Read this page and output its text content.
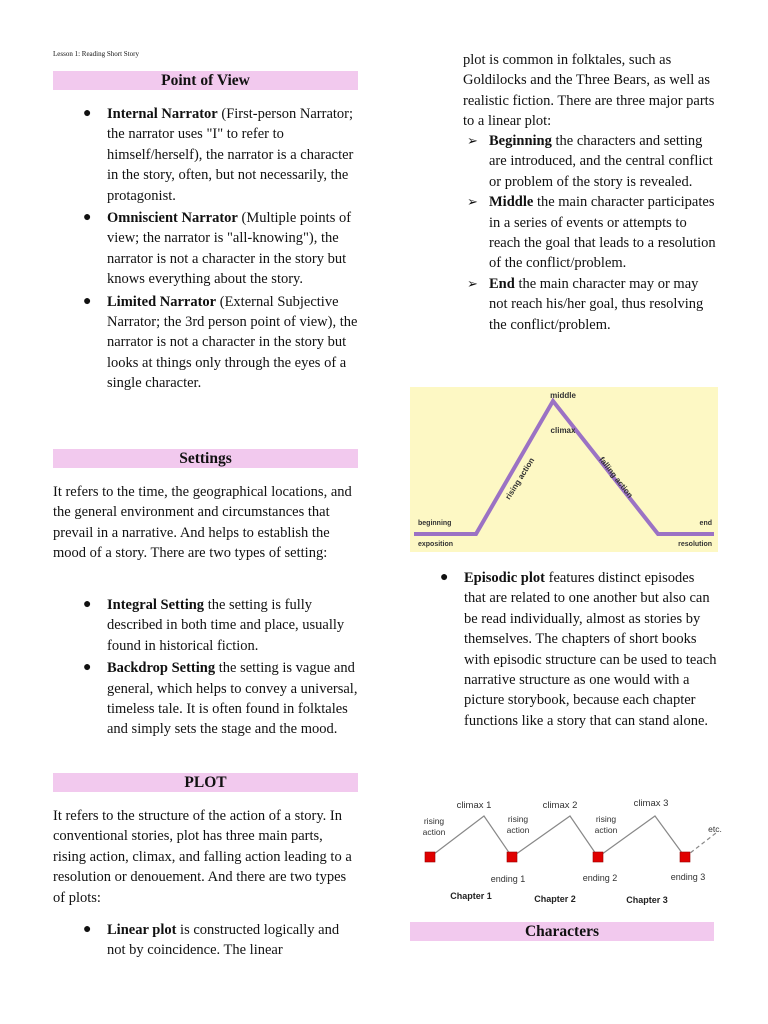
Lesson 1: Reading Short Story
Point of View
● Internal Narrator (First-person Narrator; the narrator uses "I" to refer to himself/herself), the narrator is a character in the story, often, but not necessarily, the protagonist.
● Omniscient Narrator (Multiple points of view; the narrator is "all-knowing"), the narrator is not a character in the story but knows everything about the story.
● Limited Narrator (External Subjective Narrator; the 3rd person point of view), the narrator is not a character in the story but looks at things only through the eyes of a single character.
Settings
It refers to the time, the geographical locations, and the general environment and circumstances that prevail in a narrative. And helps to establish the mood of a story. There are two types of setting:
● Integral Setting the setting is fully described in both time and place, usually found in historical fiction.
● Backdrop Setting the setting is vague and general, which helps to convey a universal, timeless tale. It is often found in folktales and simply sets the stage and the mood.
PLOT
It refers to the structure of the action of a story. In conventional stories, plot has three main parts, rising action, climax, and falling action leading to a resolution or denouement. And there are two types of plots:
● Linear plot is constructed logically and not by coincidence. The linear
plot is common in folktales, such as Goldilocks and the Three Bears, as well as realistic fiction. There are three major parts to a linear plot:
➢ Beginning the characters and setting are introduced, and the central conflict or problem of the story is revealed.
➢ Middle the main character participates in a series of events or attempts to reach the goal that leads to a resolution of the conflict/problem.
➢ End the main character may or may not reach his/her goal, thus resolving the conflict/problem.
middle
climax
rising action	falling action
beginning
exposition
end
resolution
● Episodic plot features distinct episodes that are related to one another but also can be read individually, almost as stories by themselves. The chapters of short books with episodic structure can be used to teach narrative structure as one would with a picture storybook, because each chapter functions like a story that can stand alone.
climax 1	climax 2	climax 3
rising action
rising action
rising action
ending 1	ending 2	ending 3
Chapter 1	Chapter 2	Chapter 3
etc.
Characters
